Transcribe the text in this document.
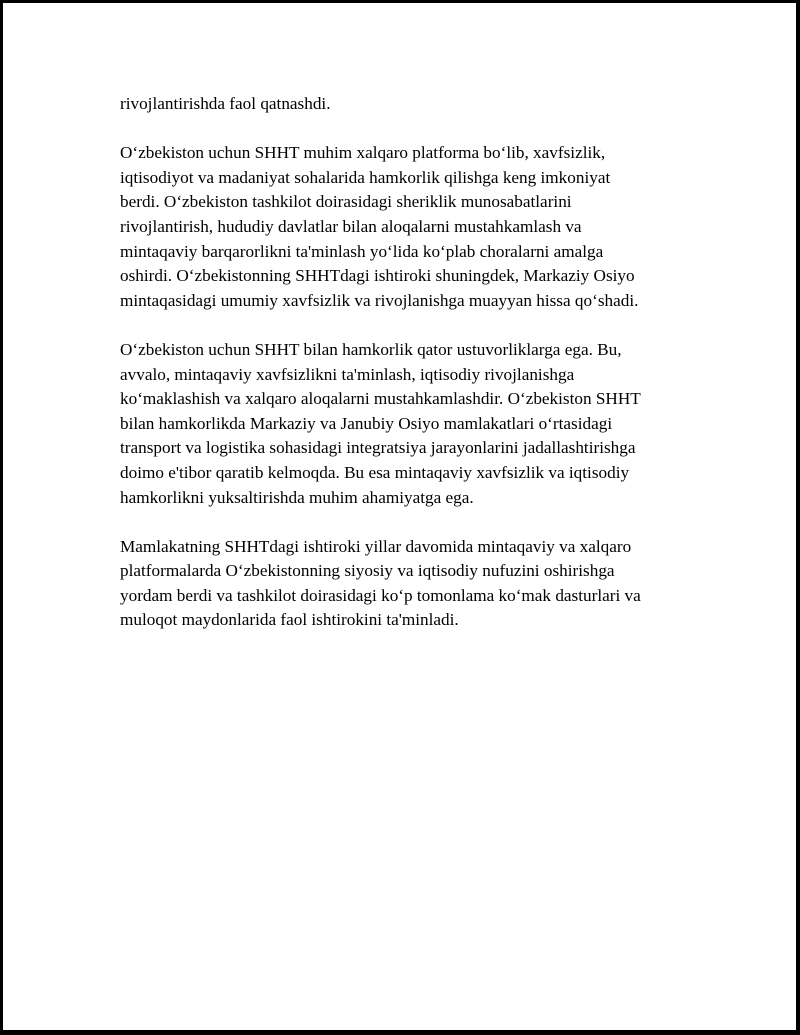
rivojlantirishda faol qatnashdi.

O‘zbekiston uchun SHHT muhim xalqaro platforma bo‘lib, xavfsizlik,
iqtisodiyot va madaniyat sohalarida hamkorlik qilishga keng imkoniyat
berdi. O‘zbekiston tashkilot doirasidagi sheriklik munosabatlarini
rivojlantirish, hududiy davlatlar bilan aloqalarni mustahkamlash va
mintaqaviy barqarorlikni ta'minlash yo‘lida ko‘plab choralarni amalga
oshirdi. O‘zbekistonning SHHTdagi ishtiroki shuningdek, Markaziy Osiyo
mintaqasidagi umumiy xavfsizlik va rivojlanishga muayyan hissa qo‘shadi.

O‘zbekiston uchun SHHT bilan hamkorlik qator ustuvorliklarga ega. Bu,
avvalo, mintaqaviy xavfsizlikni ta'minlash, iqtisodiy rivojlanishga
ko‘maklashish va xalqaro aloqalarni mustahkamlashdir. O‘zbekiston SHHT
bilan hamkorlikda Markaziy va Janubiy Osiyo mamlakatlari o‘rtasidagi
transport va logistika sohasidagi integratsiya jarayonlarini jadallashtirishga
doimo e'tibor qaratib kelmoqda. Bu esa mintaqaviy xavfsizlik va iqtisodiy
hamkorlikni yuksaltirishda muhim ahamiyatga ega.

Mamlakatning SHHTdagi ishtiroki yillar davomida mintaqaviy va xalqaro
platformalarda O‘zbekistonning siyosiy va iqtisodiy nufuzini oshirishga
yordam berdi va tashkilot doirasidagi ko‘p tomonlama ko‘mak dasturlari va
muloqot maydonlarida faol ishtirokini ta'minladi.
